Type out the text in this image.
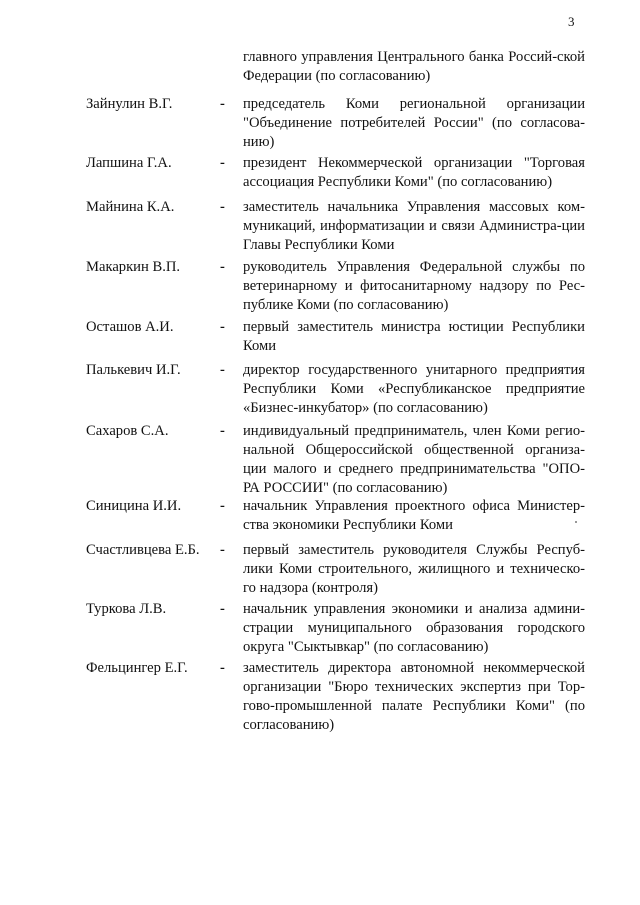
3
главного управления Центрального банка Россий-ской Федерации (по согласованию)
Зайнулин В.Г.	- председатель Коми региональной организации "Объединение потребителей России" (по согласова-нию)
Лапшина Г.А.	- президент Некоммерческой организации "Торговая ассоциация Республики Коми" (по согласованию)
Майнина К.А.	- заместитель начальника Управления массовых ком-муникаций, информатизации и связи Администра-ции Главы Республики Коми
Макаркин В.П.	- руководитель Управления Федеральной службы по ветеринарному и фитосанитарному надзору по Рес-публике Коми (по согласованию)
Осташов А.И.	- первый заместитель министра юстиции Республики Коми
Палькевич И.Г.	- директор государственного унитарного предприятия Республики Коми «Республиканское предприятие «Бизнес-инкубатор» (по согласованию)
Сахаров С.А.	- индивидуальный предприниматель, член Коми регио-нальной Общероссийской общественной организа-ции малого и среднего предпринимательства "ОПО-РА РОССИИ" (по согласованию)
Синицина И.И.	- начальник Управления проектного офиса Министер-ства экономики Республики Коми
Счастливцева Е.Б. - первый заместитель руководителя Службы Респуб-лики Коми строительного, жилищного и техническо-го надзора (контроля)
Туркова Л.В.	- начальник управления экономики и анализа админи-страции муниципального образования городского округа "Сыктывкар" (по согласованию)
Фельцингер Е.Г. - заместитель директора автономной некоммерческой организации "Бюро технических экспертиз при Тор-гово-промышленной палате Республики Коми" (по согласованию)
